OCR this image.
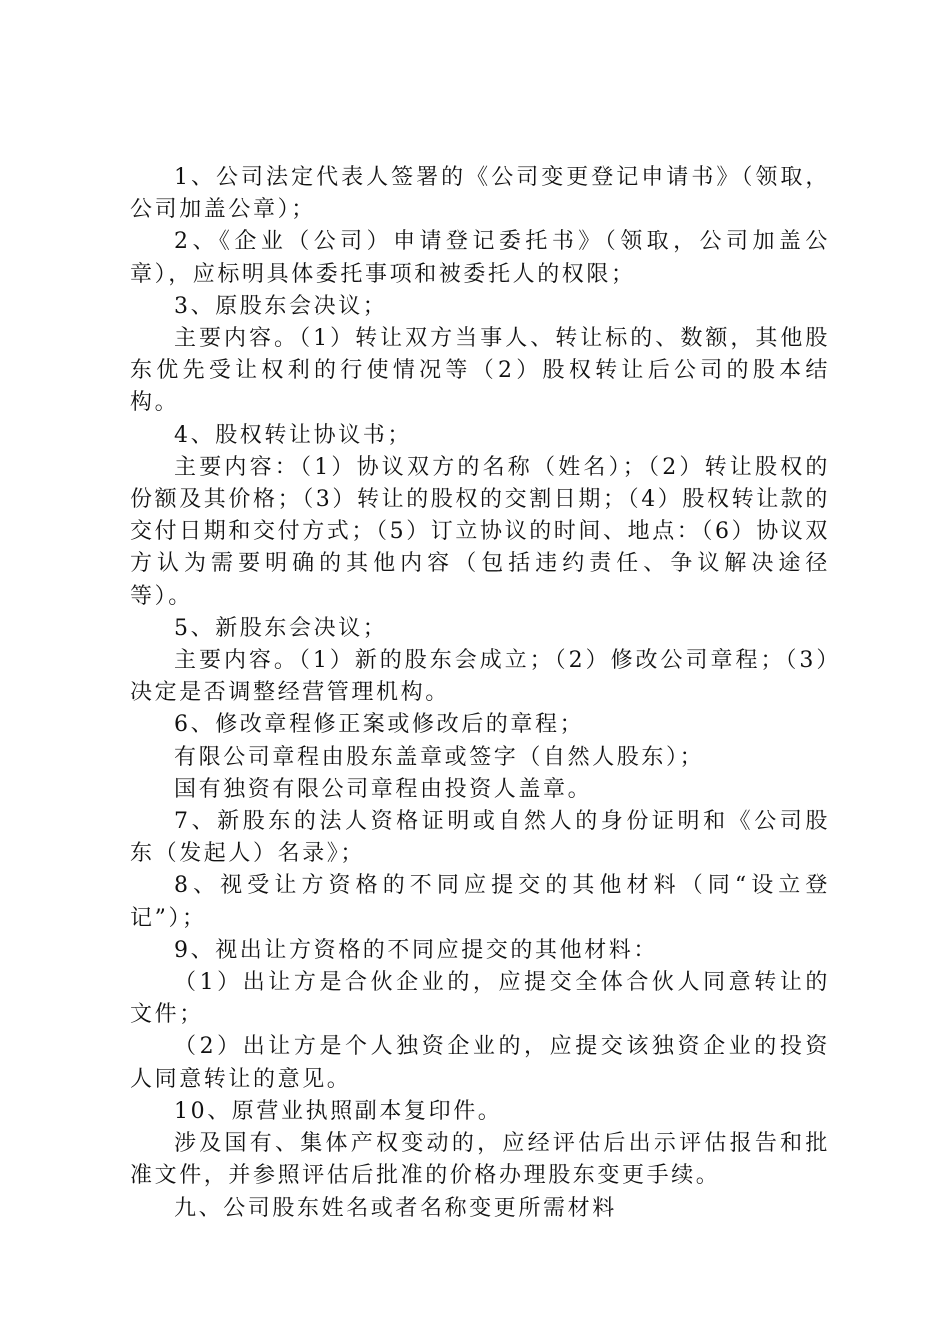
1、公司法定代表人签署的《公司变更登记申请书》（领取，公司加盖公章）；

2、《企业（公司）申请登记委托书》（领取，公司加盖公章），应标明具体委托事项和被委托人的权限；

3、原股东会决议；

主要内容。（1）转让双方当事人、转让标的、数额，其他股东优先受让权利的行使情况等（2）股权转让后公司的股本结构。

4、股权转让协议书；

主要内容：（1）协议双方的名称（姓名）；（2）转让股权的份额及其价格；（3）转让的股权的交割日期；（4）股权转让款的交付日期和交付方式；（5）订立协议的时间、地点：（6）协议双方认为需要明确的其他内容（包括违约责任、争议解决途径等）。

5、新股东会决议；

主要内容。（1）新的股东会成立；（2）修改公司章程；（3）决定是否调整经营管理机构。

6、修改章程修正案或修改后的章程；

有限公司章程由股东盖章或签字（自然人股东）；

国有独资有限公司章程由投资人盖章。

7、新股东的法人资格证明或自然人的身份证明和《公司股东（发起人）名录》；

8、视受让方资格的不同应提交的其他材料（同“设立登记”）；

9、视出让方资格的不同应提交的其他材料：

（1）出让方是合伙企业的，应提交全体合伙人同意转让的文件；

（2）出让方是个人独资企业的，应提交该独资企业的投资人同意转让的意见。

10、原营业执照副本复印件。

涉及国有、集体产权变动的，应经评估后出示评估报告和批准文件，并参照评估后批准的价格办理股东变更手续。

九、公司股东姓名或者名称变更所需材料
